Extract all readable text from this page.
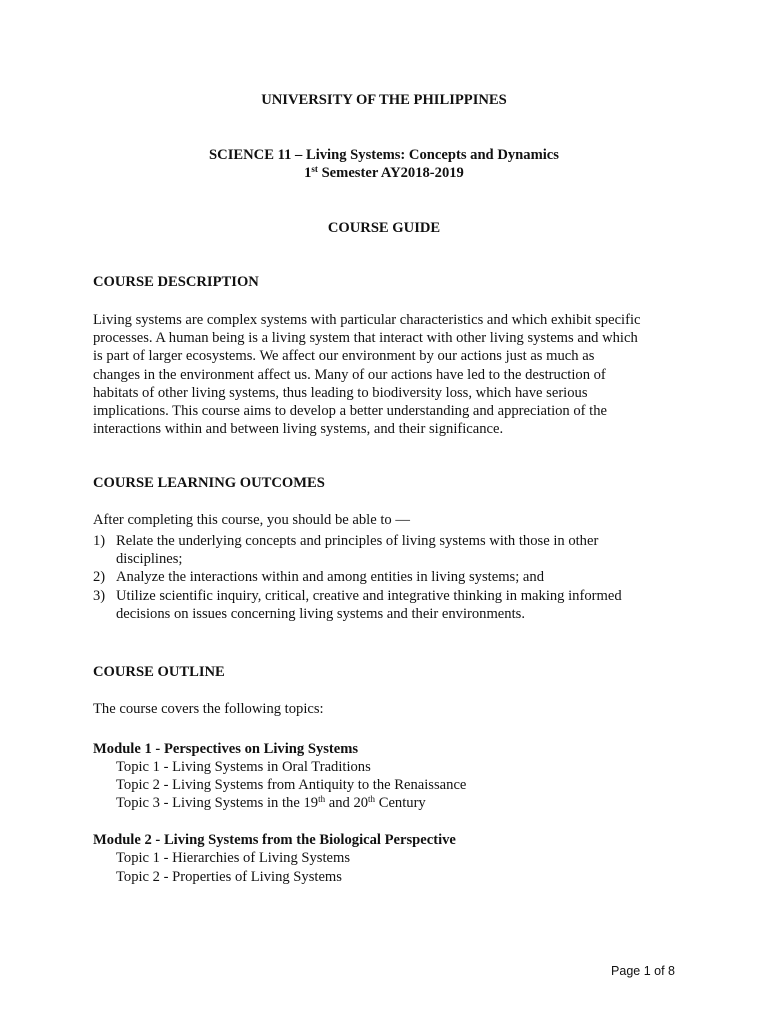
UNIVERSITY OF THE PHILIPPINES

SCIENCE 11 – Living Systems: Concepts and Dynamics

1st Semester AY2018-2019

COURSE GUIDE

COURSE DESCRIPTION

Living systems are complex systems with particular characteristics and which exhibit specific
processes. A human being is a living system that interact with other living systems and which
is part of larger ecosystems. We affect our environment by our actions just as much as
changes in the environment affect us. Many of our actions have led to the destruction of
habitats of other living systems, thus leading to biodiversity loss, which have serious
implications. This course aims to develop a better understanding and appreciation of the
interactions within and between living systems, and their significance.

COURSE LEARNING OUTCOMES

After completing this course, you should be able to —

1) Relate the underlying concepts and principles of living systems with those in other
disciplines;
2) Analyze the interactions within and among entities in living systems; and
3) Utilize scientific inquiry, critical, creative and integrative thinking in making informed
decisions on issues concerning living systems and their environments.

COURSE OUTLINE

The course covers the following topics:

Module 1 - Perspectives on Living Systems

Topic 1 - Living Systems in Oral Traditions

Topic 2 - Living Systems from Antiquity to the Renaissance

Topic 3 - Living Systems in the 19th and 20th Century

Module 2 - Living Systems from the Biological Perspective

Topic 1 - Hierarchies of Living Systems

Topic 2 - Properties of Living Systems

Page 1 of 8
